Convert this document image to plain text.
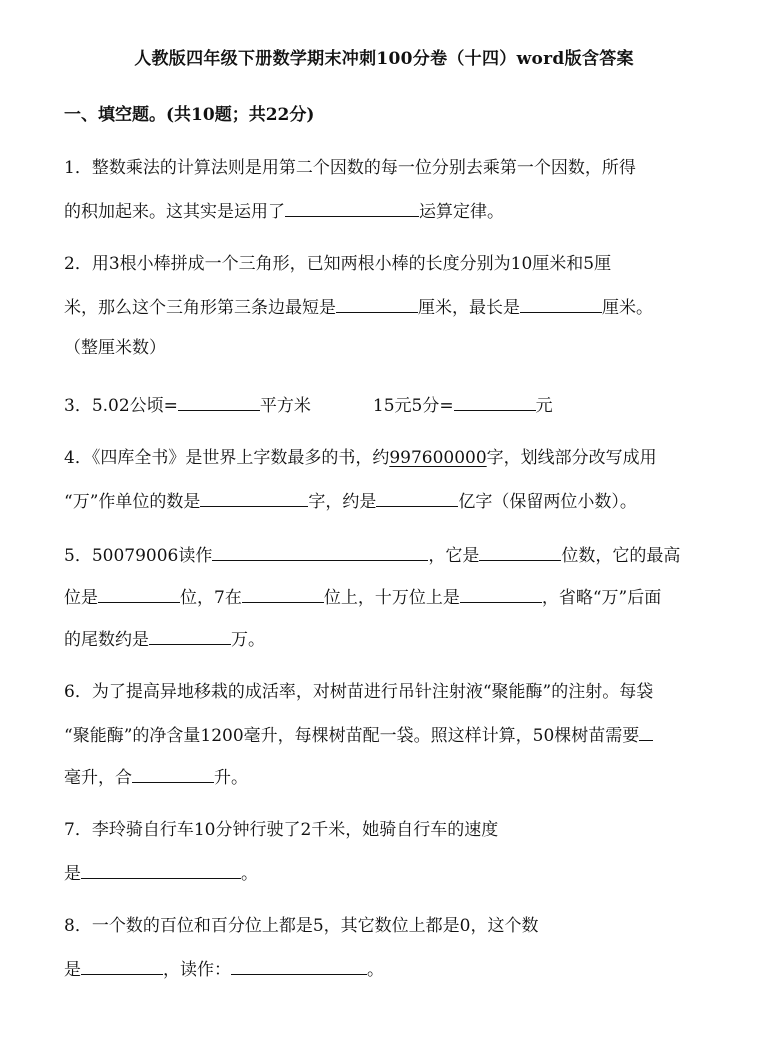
人教版四年级下册数学期末冲刺100分卷（十四）word版含答案
一、填空题。(共10题；共22分)
1．整数乘法的计算法则是用第二个因数的每一位分别去乘第一个因数，所得
的积加起来。这其实是运用了	运算定律。
2．用3根小棒拼成一个三角形，已知两根小棒的长度分别为10厘米和5厘
米，那么这个三角形第三条边最短是	厘米，最长是	厘米。
（整厘米数）
3．5.02公顷=	平方米	15元5分=	元
4．《四库全书》是世界上字数最多的书，约997600000字，划线部分改写成用
“万”作单位的数是	字，约是	亿字（保留两位小数）。
5．50079006读作	，它是	位数，它的最高
位是	位，7在	位上，十万位上是	，省略“万”后面
的尾数约是	万。
6．为了提高异地移栽的成活率，对树苗进行吊针注射液“聚能酶”的注射。每袋
“聚能酶”的净含量1200毫升，每棵树苗配一袋。照这样计算，50棵树苗需要
毫升，合	升。
7．李玲骑自行车10分钟行驶了2千米，她骑自行车的速度
是	。
8．一个数的百位和百分位上都是5，其它数位上都是0，这个数
是	，读作：	。
